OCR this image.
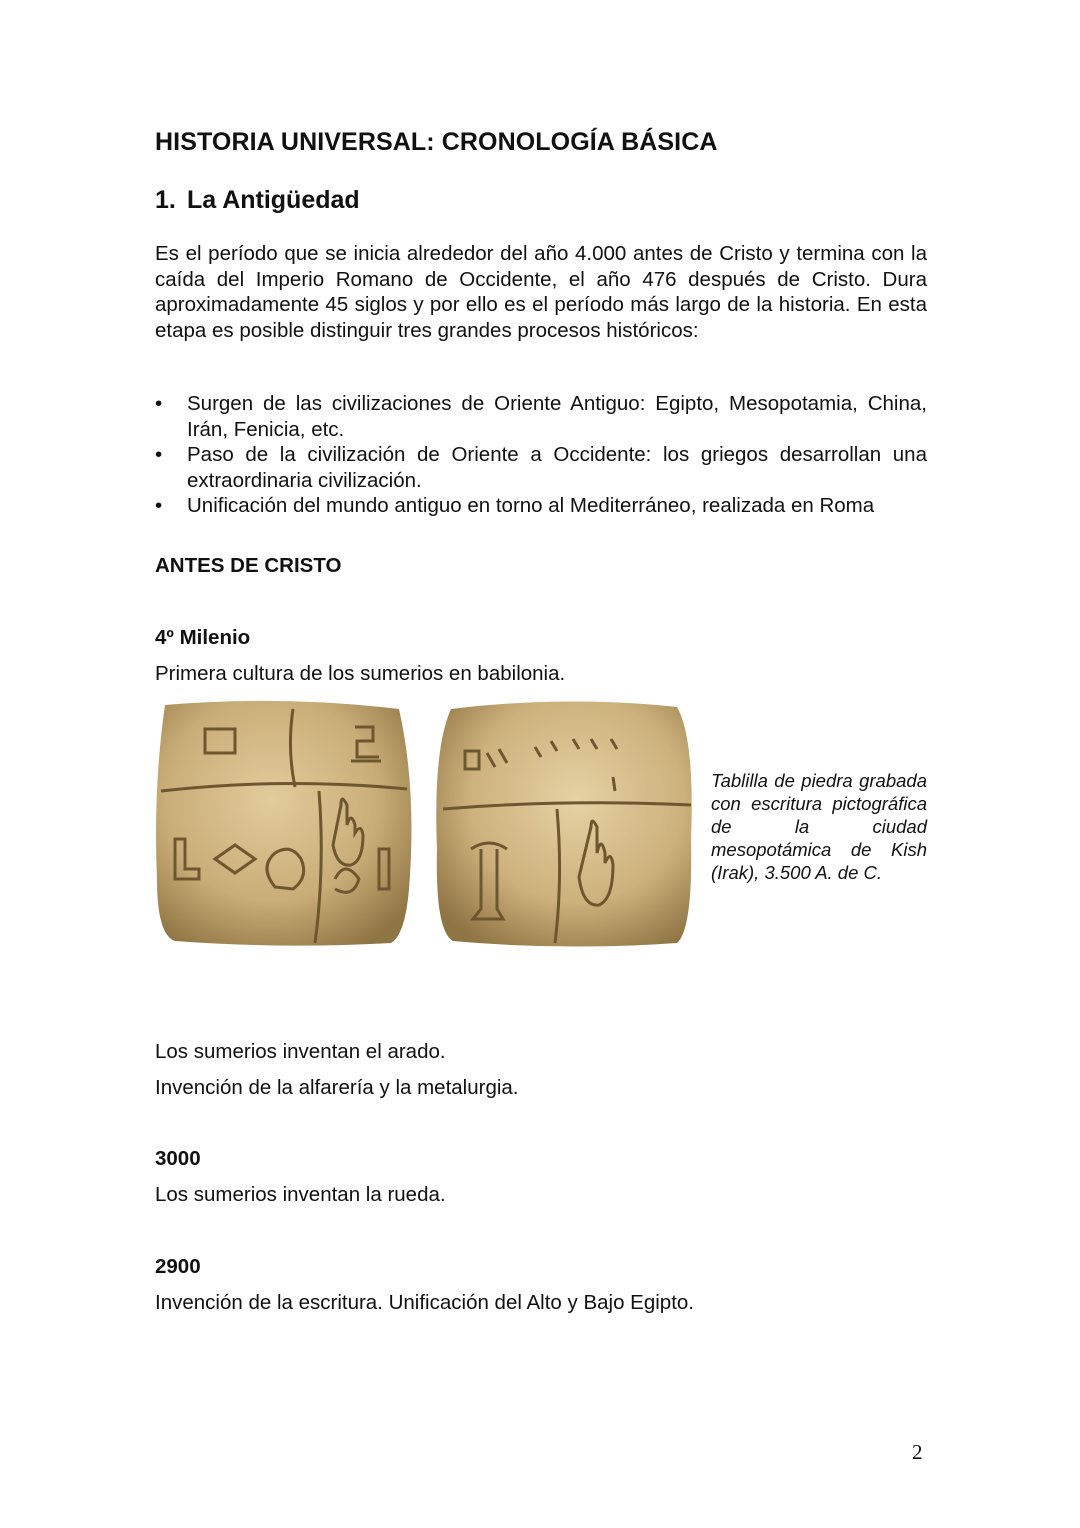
HISTORIA UNIVERSAL: CRONOLOGÍA BÁSICA
1. La Antigüedad

Es el período que se inicia alrededor del año 4.000 antes de Cristo y termina con la caída del Imperio Romano de Occidente, el año 476 después de Cristo. Dura aproximadamente 45 siglos y por ello es el período más largo de la historia. En esta etapa es posible distinguir tres grandes procesos históricos:

• Surgen de las civilizaciones de Oriente Antiguo: Egipto, Mesopotamia, China, Irán, Fenicia, etc.
• Paso de la civilización de Oriente a Occidente: los griegos desarrollan una extraordinaria civilización.
• Unificación del mundo antiguo en torno al Mediterráneo, realizada en Roma
ANTES DE CRISTO
4º Milenio
Primera cultura de los sumerios en babilonia.

Tablilla de piedra grabada con escritura pictográfica de la ciudad mesopotámica de Kish (Irak), 3.500 A. de C.

Los sumerios inventan el arado.
Invención de la alfarería y la metalurgia.
3000
Los sumerios inventan la rueda.
2900
Invención de la escritura. Unificación del Alto y Bajo Egipto.
2
